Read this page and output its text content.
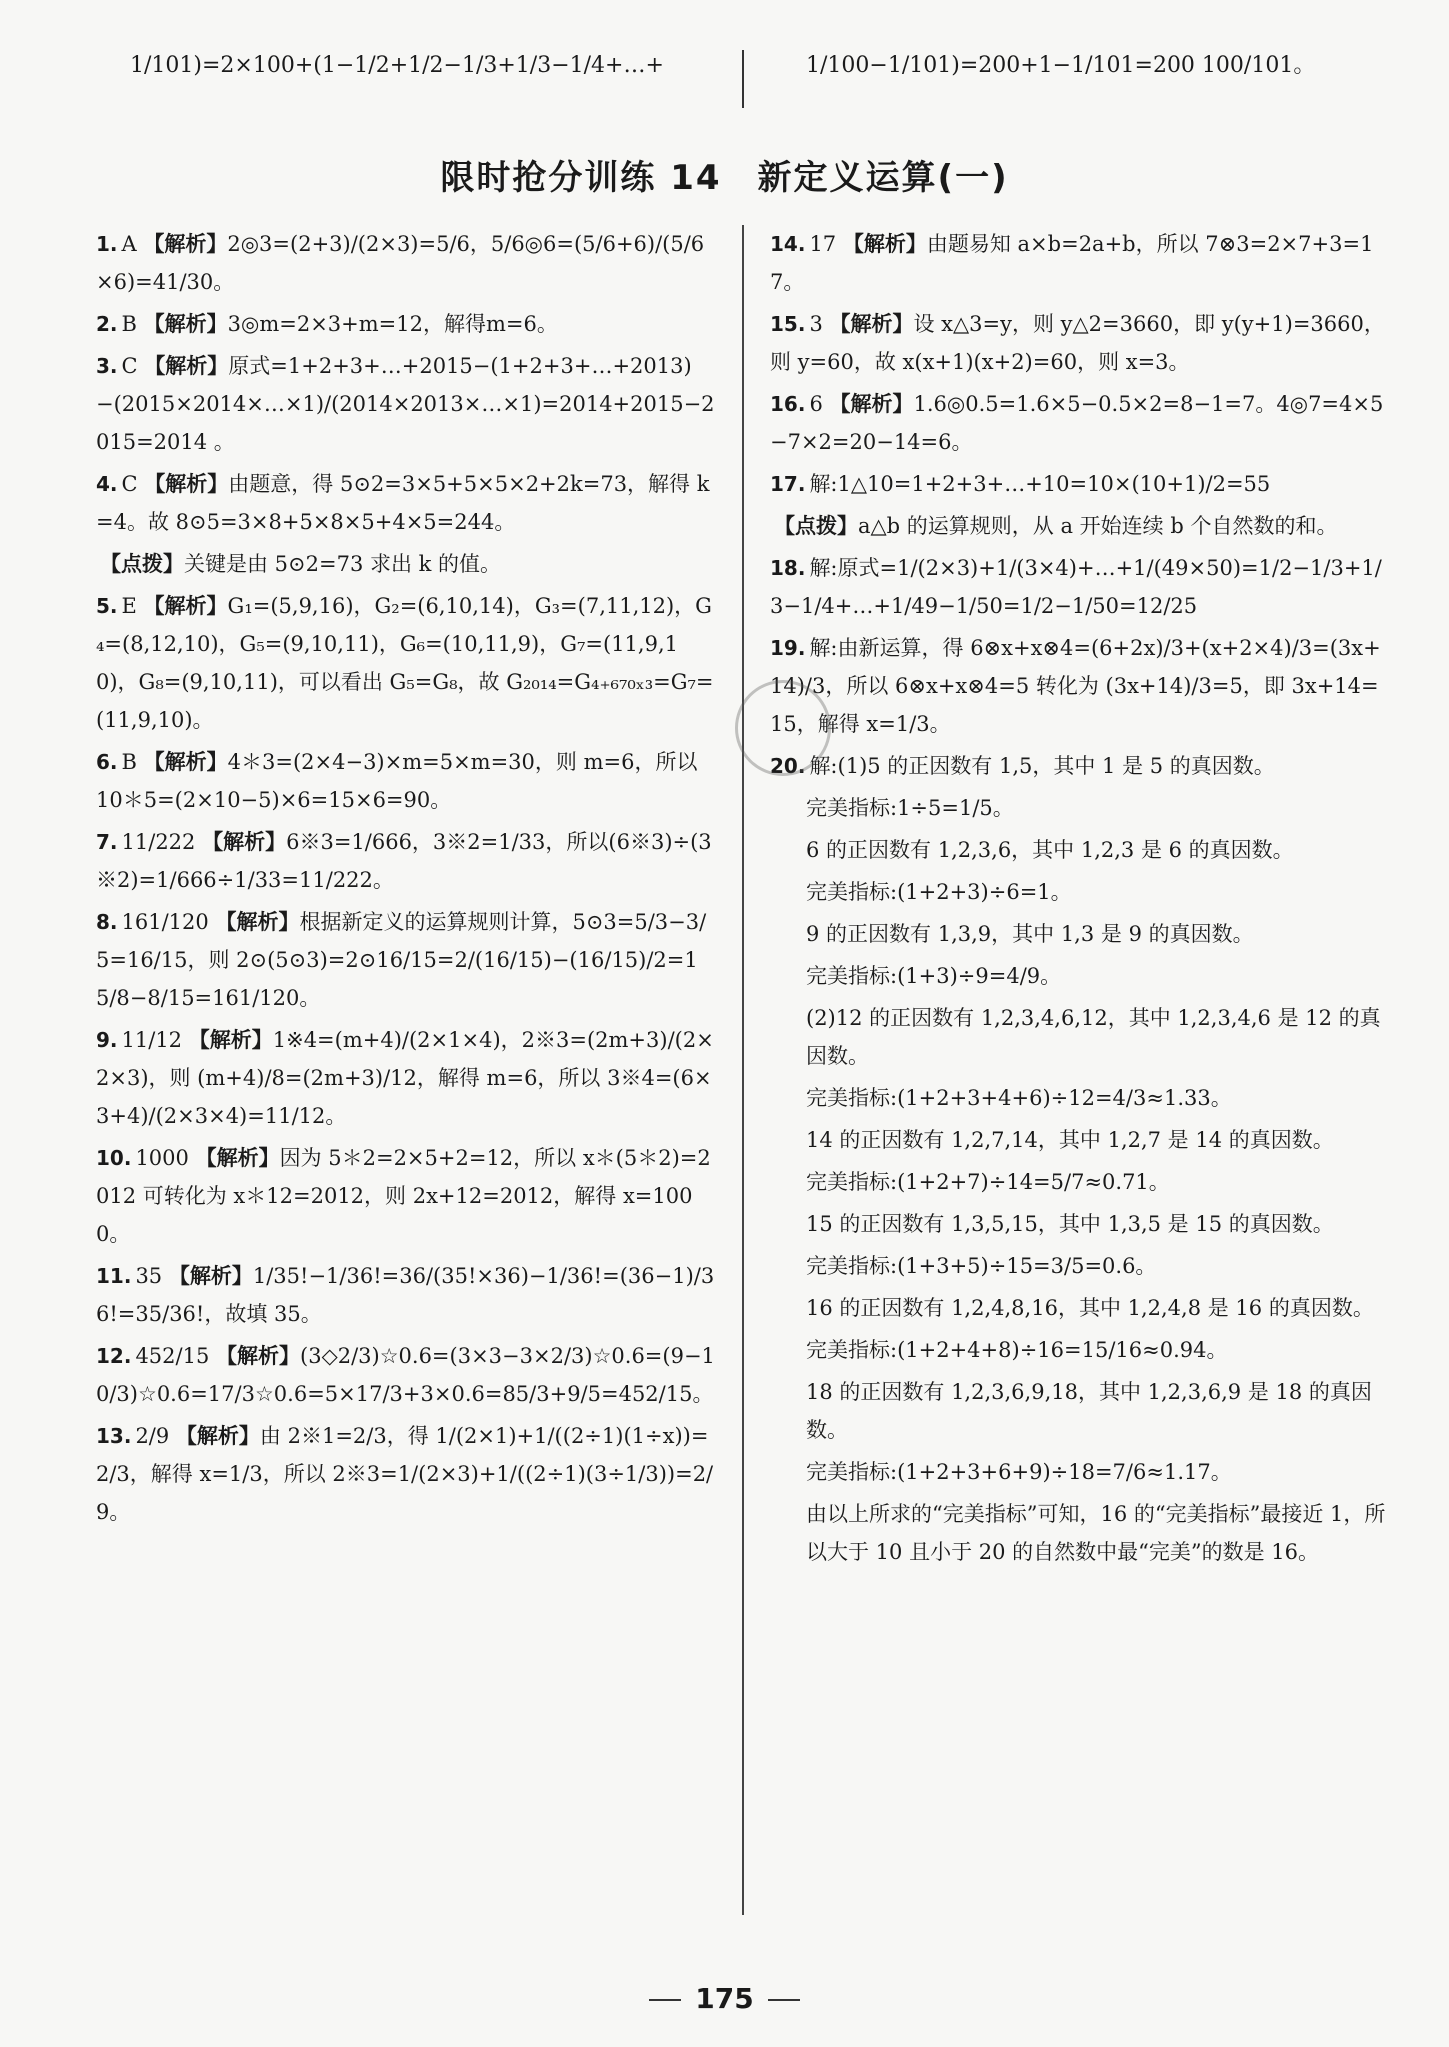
1/101)=2×100+(1−1/2+1/2−1/3+1/3−1/4+…+	1/100−1/101)=200+1−1/101=200 100/101。
限时抢分训练 14　新定义运算(一)
1. A 【解析】2◎3=(2+3)/(2×3)=5/6，5/6◎6=(5/6+6)/(5/6×6)=41/30。
2. B 【解析】3◎m=2×3+m=12，解得m=6。
3. C 【解析】原式=1+2+3+…+2015−(1+2+3+…+2013)−(2015×2014×…×1)/(2014×2013×…×1)=2014+2015−2015=2014 。
4. C 【解析】由题意，得 5⊙2=3×5+5×5×2+2k=73，解得 k=4。故 8⊙5=3×8+5×8×5+4×5=244。
【点拨】关键是由 5⊙2=73 求出 k 的值。
5. E 【解析】G₁=(5,9,16)，G₂=(6,10,14)，G₃=(7,11,12)，G₄=(8,12,10)，G₅=(9,10,11)，G₆=(10,11,9)，G₇=(11,9,10)，G₈=(9,10,11)，可以看出 G₅=G₈，故 G₂₀₁₄=G₄₊₆₇₀ₓ₃=G₇=(11,9,10)。
6. B 【解析】4＊3=(2×4−3)×m=5×m=30，则 m=6，所以 10＊5=(2×10−5)×6=15×6=90。
7. 11/222 【解析】6※3=1/666，3※2=1/33，所以(6※3)÷(3※2)=1/666÷1/33=11/222。
8. 161/120 【解析】根据新定义的运算规则计算，5⊙3=5/3−3/5=16/15，则 2⊙(5⊙3)=2⊙16/15=2/(16/15)−(16/15)/2=15/8−8/15=161/120。
9. 11/12 【解析】1※4=(m+4)/(2×1×4)，2※3=(2m+3)/(2×2×3)，则 (m+4)/8=(2m+3)/12，解得 m=6，所以 3※4=(6×3+4)/(2×3×4)=11/12。
10. 1000 【解析】因为 5＊2=2×5+2=12，所以 x＊(5＊2)=2012 可转化为 x＊12=2012，则 2x+12=2012，解得 x=1000。
11. 35 【解析】1/35!−1/36!=36/(35!×36)−1/36!=(36−1)/36!=35/36!，故填 35。
12. 452/15 【解析】(3◇2/3)☆0.6=(3×3−3×2/3)☆0.6=(9−10/3)☆0.6=17/3☆0.6=5×17/3+3×0.6=85/3+9/5=452/15。
13. 2/9 【解析】由 2※1=2/3，得 1/(2×1)+1/((2÷1)(1÷x))=2/3，解得 x=1/3，所以 2※3=1/(2×3)+1/((2÷1)(3÷1/3))=2/9。
14. 17 【解析】由题易知 a×b=2a+b，所以 7⊗3=2×7+3=17。
15. 3 【解析】设 x△3=y，则 y△2=3660，即 y(y+1)=3660，则 y=60，故 x(x+1)(x+2)=60，则 x=3。
16. 6 【解析】1.6◎0.5=1.6×5−0.5×2=8−1=7。4◎7=4×5−7×2=20−14=6。
17. 解:1△10=1+2+3+…+10=10×(10+1)/2=55
【点拨】a△b 的运算规则，从 a 开始连续 b 个自然数的和。
18. 解:原式=1/(2×3)+1/(3×4)+…+1/(49×50)=1/2−1/3+1/3−1/4+…+1/49−1/50=1/2−1/50=12/25
19. 解:由新运算，得 6⊗x+x⊗4=(6+2x)/3+(x+2×4)/3=(3x+14)/3，所以 6⊗x+x⊗4=5 转化为 (3x+14)/3=5，即 3x+14=15，解得 x=1/3。
20. 解:(1)5 的正因数有 1,5，其中 1 是 5 的真因数。
完美指标:1÷5=1/5。
6 的正因数有 1,2,3,6，其中 1,2,3 是 6 的真因数。
完美指标:(1+2+3)÷6=1。
9 的正因数有 1,3,9，其中 1,3 是 9 的真因数。
完美指标:(1+3)÷9=4/9。
(2)12 的正因数有 1,2,3,4,6,12，其中 1,2,3,4,6 是 12 的真因数。
完美指标:(1+2+3+4+6)÷12=4/3≈1.33。
14 的正因数有 1,2,7,14，其中 1,2,7 是 14 的真因数。
完美指标:(1+2+7)÷14=5/7≈0.71。
15 的正因数有 1,3,5,15，其中 1,3,5 是 15 的真因数。
完美指标:(1+3+5)÷15=3/5=0.6。
16 的正因数有 1,2,4,8,16，其中 1,2,4,8 是 16 的真因数。
完美指标:(1+2+4+8)÷16=15/16≈0.94。
18 的正因数有 1,2,3,6,9,18，其中 1,2,3,6,9 是 18 的真因数。
完美指标:(1+2+3+6+9)÷18=7/6≈1.17。
由以上所求的“完美指标”可知，16 的“完美指标”最接近 1，所以大于 10 且小于 20 的自然数中最“完美”的数是 16。
175
